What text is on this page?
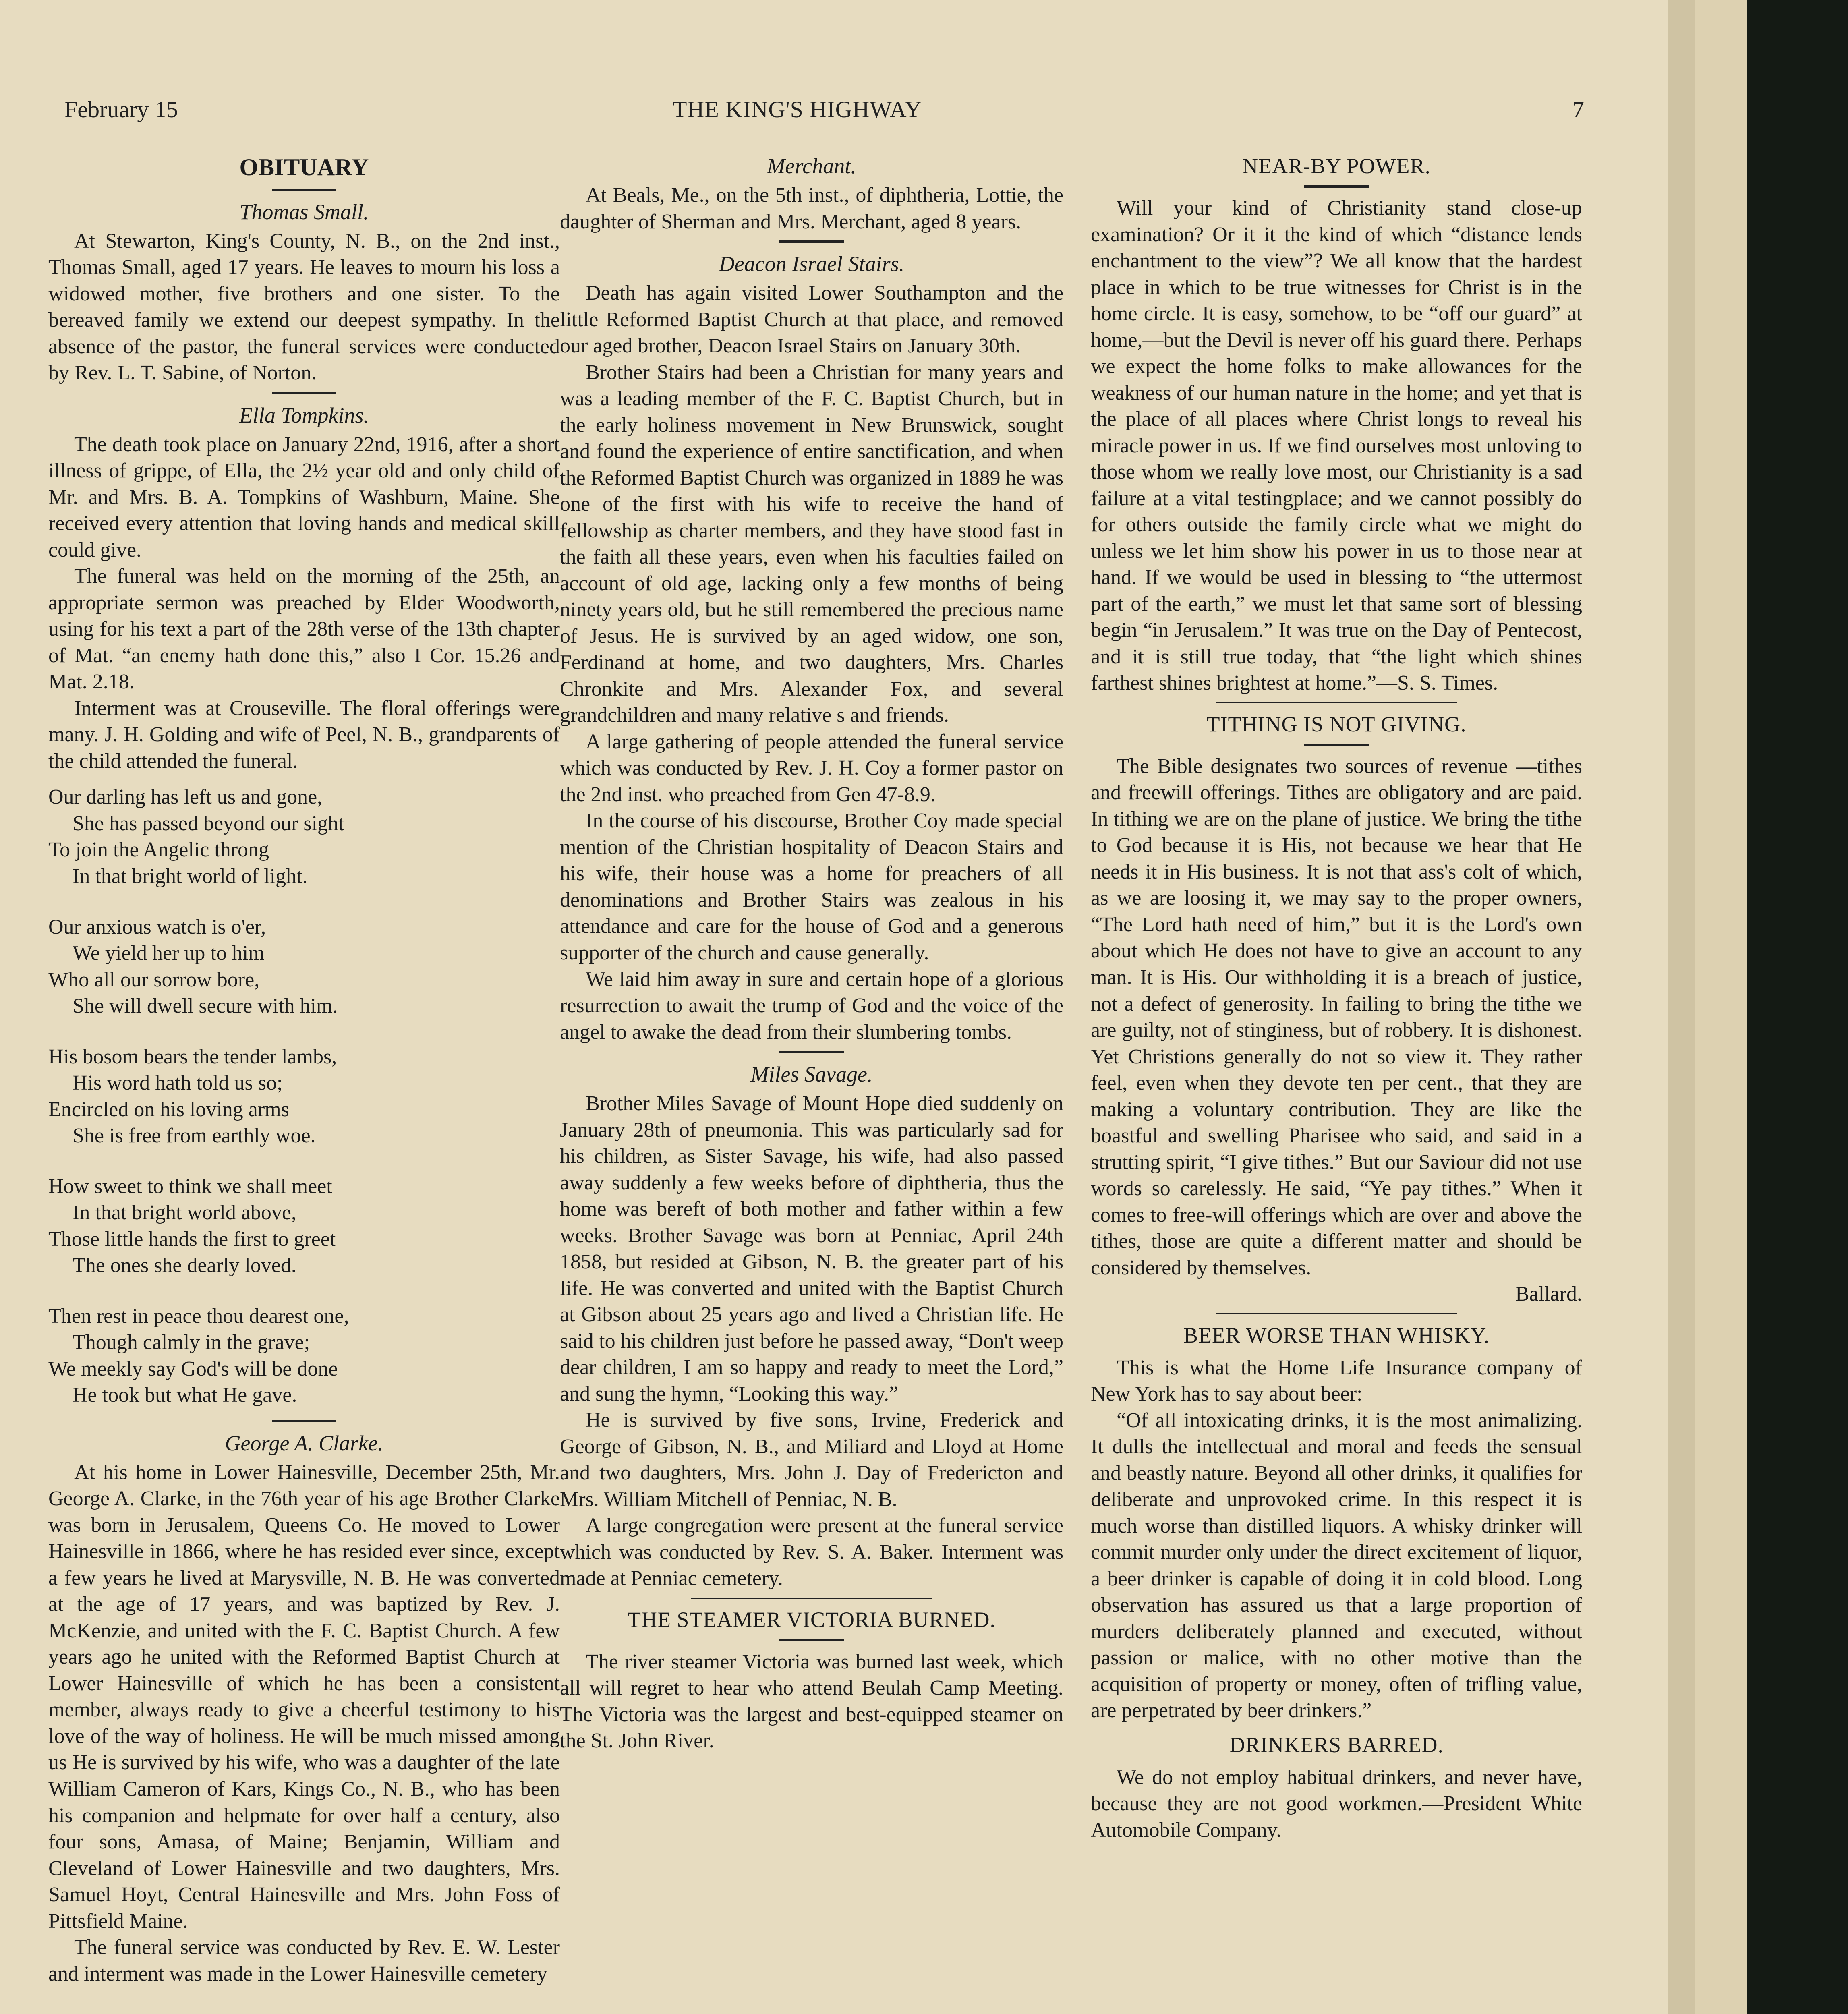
February 15	THE KING'S HIGHWAY	7
OBITUARY
Thomas Small.

At Stewarton, King's County, N. B., on the 2nd inst., Thomas Small, aged 17 years. He leaves to mourn his loss a widowed mother, five brothers and one sister. To the bereaved family we extend our deepest sympathy. In the absence of the pastor, the funeral services were conducted by Rev. L. T. Sabine, of Norton.

Ella Tompkins.

The death took place on January 22nd, 1916, after a short illness of grippe, of Ella, the 2½ year old and only child of Mr. and Mrs. B. A. Tompkins of Washburn, Maine. She received every attention that loving hands and medical skill could give.

The funeral was held on the morning of the 25th, an appropriate sermon was preached by Elder Woodworth, using for his text a part of the 28th verse of the 13th chapter of Mat. “an enemy hath done this,” also I Cor. 15.26 and Mat. 2.18.

Interment was at Crouseville. The floral offerings were many. J. H. Golding and wife of Peel, N. B., grandparents of the child attended the funeral.

Our darling has left us and gone,
She has passed beyond our sight
To join the Angelic throng
In that bright world of light.
Our anxious watch is o'er,
We yield her up to him
Who all our sorrow bore,
She will dwell secure with him.
His bosom bears the tender lambs,
His word hath told us so;
Encircled on his loving arms
She is free from earthly woe.
How sweet to think we shall meet
In that bright world above,
Those little hands the first to greet
The ones she dearly loved.
Then rest in peace thou dearest one,
Though calmly in the grave;
We meekly say God's will be done
He took but what He gave.
George A. Clarke.

At his home in Lower Hainesville, December 25th, Mr. George A. Clarke, in the 76th year of his age Brother Clarke was born in Jerusalem, Queens Co. He moved to Lower Hainesville in 1866, where he has resided ever since, except a few years he lived at Marysville, N. B. He was converted at the age of 17 years, and was baptized by Rev. J. McKenzie, and united with the F. C. Baptist Church. A few years ago he united with the Reformed Baptist Church at Lower Hainesville of which he has been a consistent member, always ready to give a cheerful testimony to his love of the way of holiness. He will be much missed among us He is survived by his wife, who was a daughter of the late William Cameron of Kars, Kings Co., N. B., who has been his companion and helpmate for over half a century, also four sons, Amasa, of Maine; Benjamin, William and Cleveland of Lower Hainesville and two daughters, Mrs. Samuel Hoyt, Central Hainesville and Mrs. John Foss of Pittsfield Maine.

The funeral service was conducted by Rev. E. W. Lester and interment was made in the Lower Hainesville cemetery

Merchant.

At Beals, Me., on the 5th inst., of diphtheria, Lottie, the daughter of Sherman and Mrs. Merchant, aged 8 years.

Deacon Israel Stairs.

Death has again visited Lower Southampton and the little Reformed Baptist Church at that place, and removed our aged brother, Deacon Israel Stairs on January 30th.

Brother Stairs had been a Christian for many years and was a leading member of the F. C. Baptist Church, but in the early holiness movement in New Brunswick, sought and found the experience of entire sanctification, and when the Reformed Baptist Church was organized in 1889 he was one of the first with his wife to receive the hand of fellowship as charter members, and they have stood fast in the faith all these years, even when his faculties failed on account of old age, lacking only a few months of being ninety years old, but he still remembered the precious name of Jesus. He is survived by an aged widow, one son, Ferdinand at home, and two daughters, Mrs. Charles Chronkite and Mrs. Alexander Fox, and several grandchildren and many relative s and friends.

A large gathering of people attended the funeral service which was conducted by Rev. J. H. Coy a former pastor on the 2nd inst. who preached from Gen 47-8.9.

In the course of his discourse, Brother Coy made special mention of the Christian hospitality of Deacon Stairs and his wife, their house was a home for preachers of all denominations and Brother Stairs was zealous in his attendance and care for the house of God and a generous supporter of the church and cause generally.

We laid him away in sure and certain hope of a glorious resurrection to await the trump of God and the voice of the angel to awake the dead from their slumbering tombs.

Miles Savage.

Brother Miles Savage of Mount Hope died suddenly on January 28th of pneumonia. This was particularly sad for his children, as Sister Savage, his wife, had also passed away suddenly a few weeks before of diphtheria, thus the home was bereft of both mother and father within a few weeks. Brother Savage was born at Penniac, April 24th 1858, but resided at Gibson, N. B. the greater part of his life. He was converted and united with the Baptist Church at Gibson about 25 years ago and lived a Christian life. He said to his children just before he passed away, “Don't weep dear children, I am so happy and ready to meet the Lord,” and sung the hymn, “Looking this way.”

He is survived by five sons, Irvine, Frederick and George of Gibson, N. B., and Miliard and Lloyd at Home and two daughters, Mrs. John J. Day of Fredericton and Mrs. William Mitchell of Penniac, N. B.

A large congregation were present at the funeral service which was conducted by Rev. S. A. Baker. Interment was made at Penniac cemetery.

THE STEAMER VICTORIA BURNED.

The river steamer Victoria was burned last week, which all will regret to hear who attend Beulah Camp Meeting. The Victoria was the largest and best-equipped steamer on the St. John River.

NEAR-BY POWER.

Will your kind of Christianity stand close-up examination? Or it it the kind of which “distance lends enchantment to the view”? We all know that the hardest place in which to be true witnesses for Christ is in the home circle. It is easy, somehow, to be “off our guard” at home,—but the Devil is never off his guard there. Perhaps we expect the home folks to make allowances for the weakness of our human nature in the home; and yet that is the place of all places where Christ longs to reveal his miracle power in us. If we find ourselves most unloving to those whom we really love most, our Christianity is a sad failure at a vital testingplace; and we cannot possibly do for others outside the family circle what we might do unless we let him show his power in us to those near at hand. If we would be used in blessing to “the uttermost part of the earth,” we must let that same sort of blessing begin “in Jerusalem.” It was true on the Day of Pentecost, and it is still true today, that “the light which shines farthest shines brightest at home.”—S. S. Times.

TITHING IS NOT GIVING.

The Bible designates two sources of revenue —tithes and freewill offerings. Tithes are obligatory and are paid. In tithing we are on the plane of justice. We bring the tithe to God because it is His, not because we hear that He needs it in His business. It is not that ass's colt of which, as we are loosing it, we may say to the proper owners, “The Lord hath need of him,” but it is the Lord's own about which He does not have to give an account to any man. It is His. Our withholding it is a breach of justice, not a defect of generosity. In failing to bring the tithe we are guilty, not of stinginess, but of robbery. It is dishonest. Yet Christions generally do not so view it. They rather feel, even when they devote ten per cent., that they are making a voluntary contribution. They are like the boastful and swelling Pharisee who said, and said in a strutting spirit, “I give tithes.” But our Saviour did not use words so carelessly. He said, “Ye pay tithes.” When it comes to free-will offerings which are over and above the tithes, those are quite a different matter and should be considered by themselves.

Ballard.

BEER WORSE THAN WHISKY.

This is what the Home Life Insurance company of New York has to say about beer:

“Of all intoxicating drinks, it is the most animalizing. It dulls the intellectual and moral and feeds the sensual and beastly nature. Beyond all other drinks, it qualifies for deliberate and unprovoked crime. In this respect it is much worse than distilled liquors. A whisky drinker will commit murder only under the direct excitement of liquor, a beer drinker is capable of doing it in cold blood. Long observation has assured us that a large proportion of murders deliberately planned and executed, without passion or malice, with no other motive than the acquisition of property or money, often of trifling value, are perpetrated by beer drinkers.”

DRINKERS BARRED.

We do not employ habitual drinkers, and never have, because they are not good workmen.—President White Automobile Company.
